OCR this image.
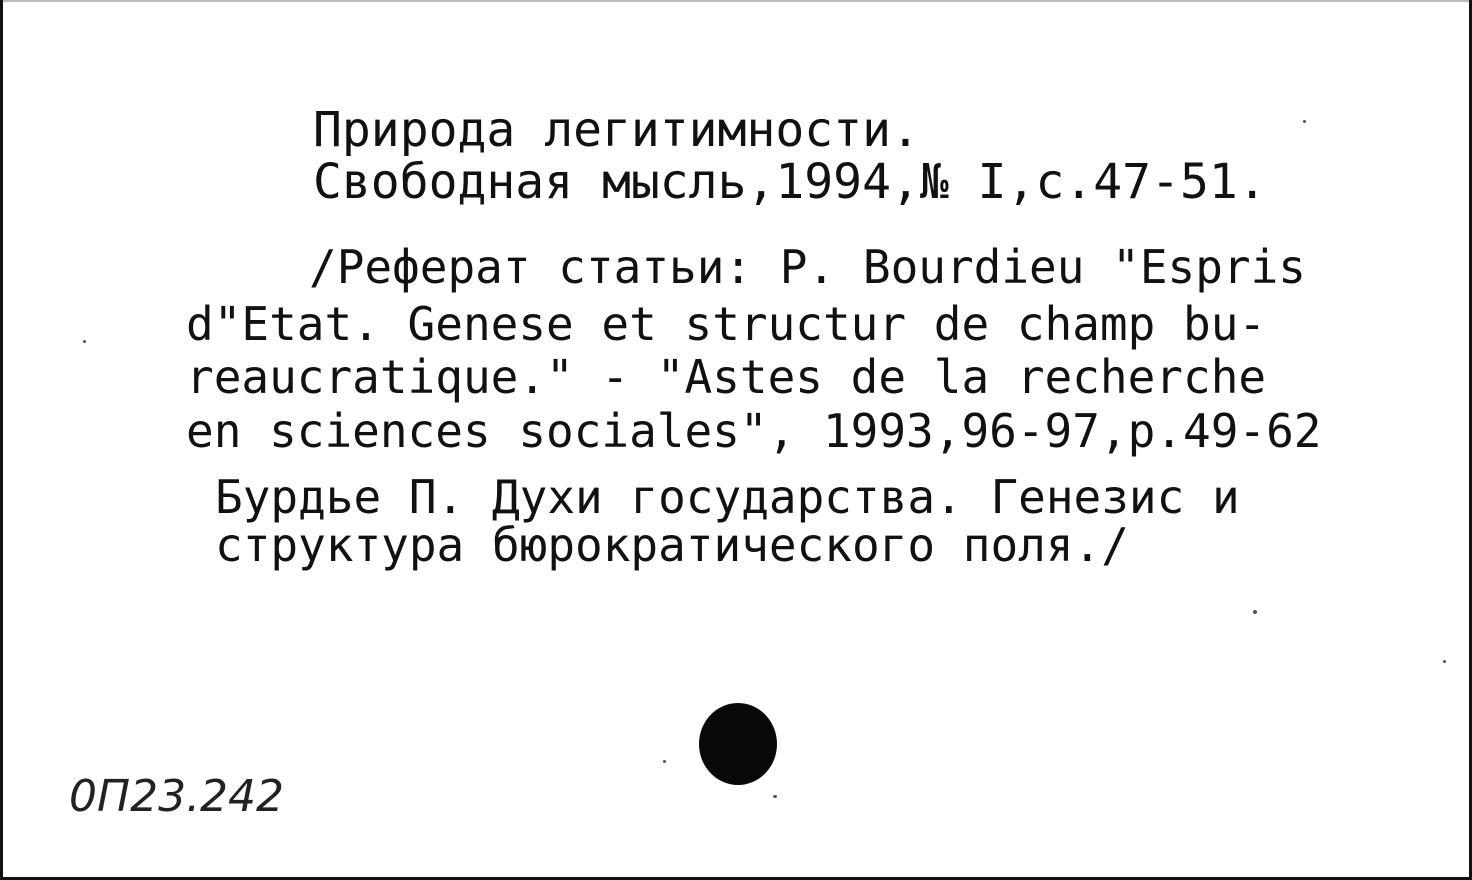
Природа легитимности.
Свободная мысль,1994,№ I,с.47-51.
/Реферат статьи: P. Bourdieu "Espris
d"Etat. Genese et structur de champ bu-
reaucratique." - "Astes de la recherche
en sciences sociales", 1993,96-97,p.49-62
Бурдье П. Духи государства. Генезис и
структура бюрократического поля./
0П23.242
